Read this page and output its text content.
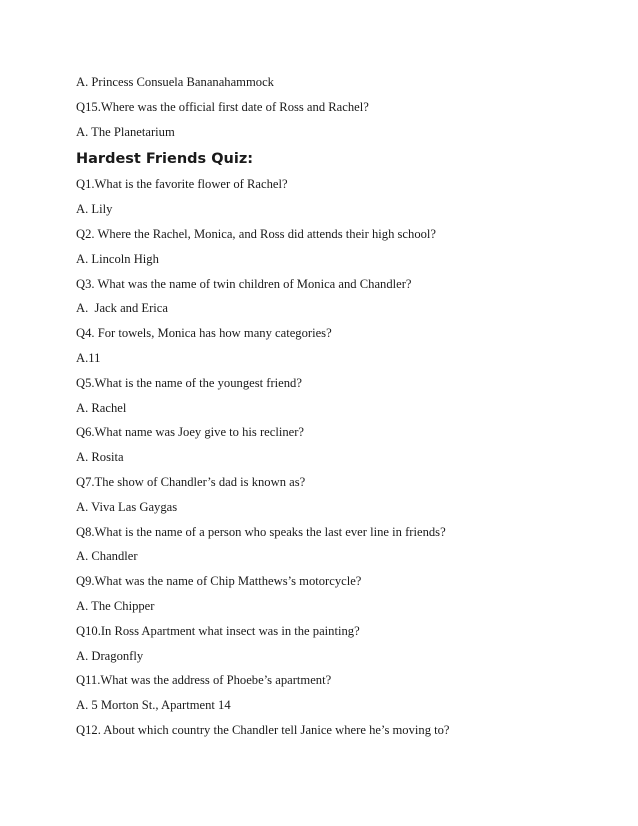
A. Princess Consuela Bananahammock
Q15.Where was the official first date of Ross and Rachel?
A. The Planetarium
Hardest Friends Quiz:
Q1.What is the favorite flower of Rachel?
A. Lily
Q2. Where the Rachel, Monica, and Ross did attends their high school?
A. Lincoln High
Q3. What was the name of twin children of Monica and Chandler?
A.  Jack and Erica
Q4. For towels, Monica has how many categories?
A.11
Q5.What is the name of the youngest friend?
A. Rachel
Q6.What name was Joey give to his recliner?
A. Rosita
Q7.The show of Chandler’s dad is known as?
A. Viva Las Gaygas
Q8.What is the name of a person who speaks the last ever line in friends?
A. Chandler
Q9.What was the name of Chip Matthews’s motorcycle?
A. The Chipper
Q10.In Ross Apartment what insect was in the painting?
A. Dragonfly
Q11.What was the address of Phoebe’s apartment?
A. 5 Morton St., Apartment 14
Q12. About which country the Chandler tell Janice where he’s moving to?
